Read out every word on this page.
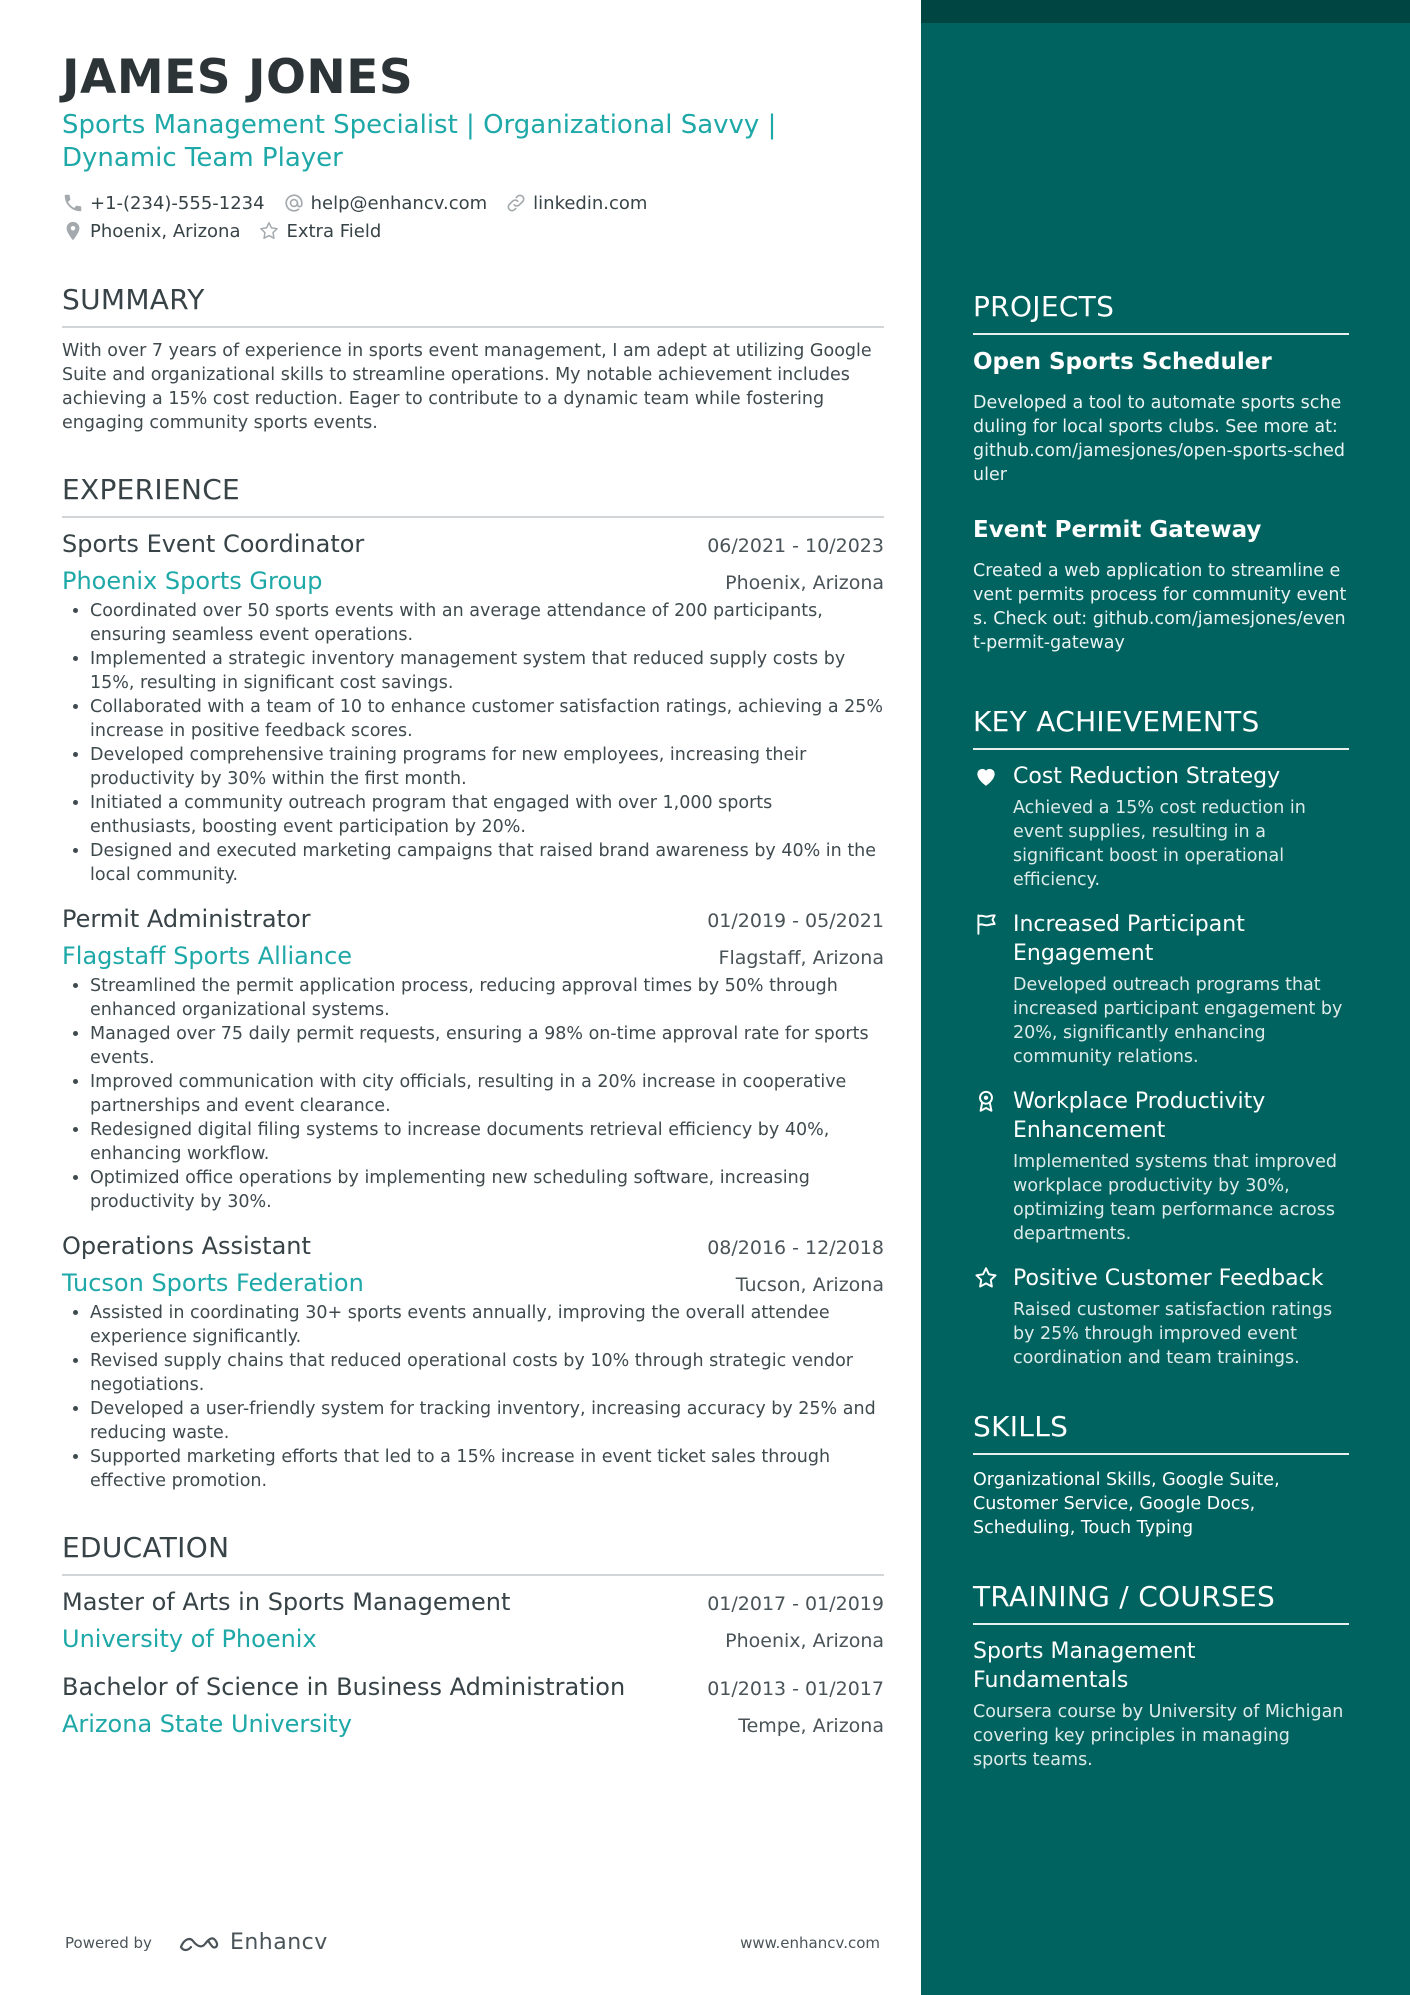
JAMES JONES
Sports Management Specialist | Organizational Savvy | Dynamic Team Player
+1-(234)-555-1234	help@enhancv.com	linkedin.com
Phoenix, Arizona	Extra Field
SUMMARY
With over 7 years of experience in sports event management, I am adept at utilizing Google Suite and organizational skills to streamline operations. My notable achievement includes achieving a 15% cost reduction. Eager to contribute to a dynamic team while fostering engaging community sports events.
EXPERIENCE
Sports Event Coordinator	06/2021 - 10/2023
Phoenix Sports Group	Phoenix, Arizona
• Coordinated over 50 sports events with an average attendance of 200 participants, ensuring seamless event operations.
• Implemented a strategic inventory management system that reduced supply costs by 15%, resulting in significant cost savings.
• Collaborated with a team of 10 to enhance customer satisfaction ratings, achieving a 25% increase in positive feedback scores.
• Developed comprehensive training programs for new employees, increasing their productivity by 30% within the first month.
• Initiated a community outreach program that engaged with over 1,000 sports enthusiasts, boosting event participation by 20%.
• Designed and executed marketing campaigns that raised brand awareness by 40% in the local community.
Permit Administrator	01/2019 - 05/2021
Flagstaff Sports Alliance	Flagstaff, Arizona
• Streamlined the permit application process, reducing approval times by 50% through enhanced organizational systems.
• Managed over 75 daily permit requests, ensuring a 98% on-time approval rate for sports events.
• Improved communication with city officials, resulting in a 20% increase in cooperative partnerships and event clearance.
• Redesigned digital filing systems to increase documents retrieval efficiency by 40%, enhancing workflow.
• Optimized office operations by implementing new scheduling software, increasing productivity by 30%.
Operations Assistant	08/2016 - 12/2018
Tucson Sports Federation	Tucson, Arizona
• Assisted in coordinating 30+ sports events annually, improving the overall attendee experience significantly.
• Revised supply chains that reduced operational costs by 10% through strategic vendor negotiations.
• Developed a user-friendly system for tracking inventory, increasing accuracy by 25% and reducing waste.
• Supported marketing efforts that led to a 15% increase in event ticket sales through effective promotion.
EDUCATION
Master of Arts in Sports Management	01/2017 - 01/2019
University of Phoenix	Phoenix, Arizona
Bachelor of Science in Business Administration	01/2013 - 01/2017
Arizona State University	Tempe, Arizona
Powered by	Enhancv	www.enhancv.com
PROJECTS
Open Sports Scheduler
Developed a tool to automate sports scheduling for local sports clubs. See more at: github.com/jamesjones/open-sports-scheduler
Event Permit Gateway
Created a web application to streamline event permits process for community events. Check out: github.com/jamesjones/event-permit-gateway
KEY ACHIEVEMENTS
Cost Reduction Strategy
Achieved a 15% cost reduction in event supplies, resulting in a significant boost in operational efficiency.
Increased Participant Engagement
Developed outreach programs that increased participant engagement by 20%, significantly enhancing community relations.
Workplace Productivity Enhancement
Implemented systems that improved workplace productivity by 30%, optimizing team performance across departments.
Positive Customer Feedback
Raised customer satisfaction ratings by 25% through improved event coordination and team trainings.
SKILLS
Organizational Skills, Google Suite, Customer Service, Google Docs, Scheduling, Touch Typing
TRAINING / COURSES
Sports Management Fundamentals
Coursera course by University of Michigan covering key principles in managing sports teams.
